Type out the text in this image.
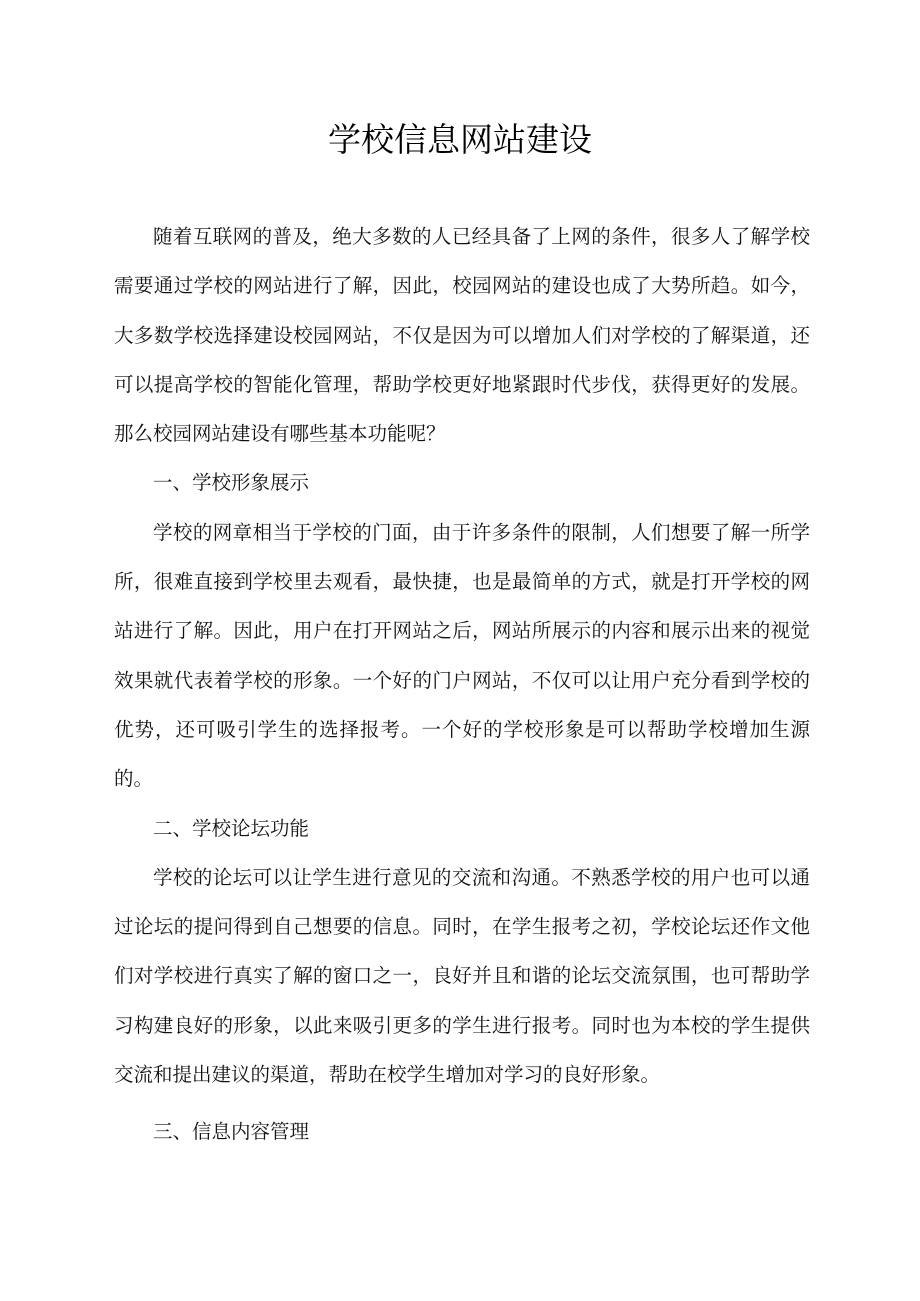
学校信息网站建设

随着互联网的普及，绝大多数的人已经具备了上网的条件，很多人了解学校需要通过学校的网站进行了解，因此，校园网站的建设也成了大势所趋。如今，大多数学校选择建设校园网站，不仅是因为可以增加人们对学校的了解渠道，还可以提高学校的智能化管理，帮助学校更好地紧跟时代步伐，获得更好的发展。那么校园网站建设有哪些基本功能呢？

一、学校形象展示

学校的网章相当于学校的门面，由于许多条件的限制，人们想要了解一所学所，很难直接到学校里去观看，最快捷，也是最简单的方式，就是打开学校的网站进行了解。因此，用户在打开网站之后，网站所展示的内容和展示出来的视觉效果就代表着学校的形象。一个好的门户网站，不仅可以让用户充分看到学校的优势，还可吸引学生的选择报考。一个好的学校形象是可以帮助学校增加生源的。

二、学校论坛功能

学校的论坛可以让学生进行意见的交流和沟通。不熟悉学校的用户也可以通过论坛的提问得到自己想要的信息。同时，在学生报考之初，学校论坛还作文他们对学校进行真实了解的窗口之一，良好并且和谐的论坛交流氛围，也可帮助学习构建良好的形象，以此来吸引更多的学生进行报考。同时也为本校的学生提供交流和提出建议的渠道，帮助在校学生增加对学习的良好形象。

三、信息内容管理
